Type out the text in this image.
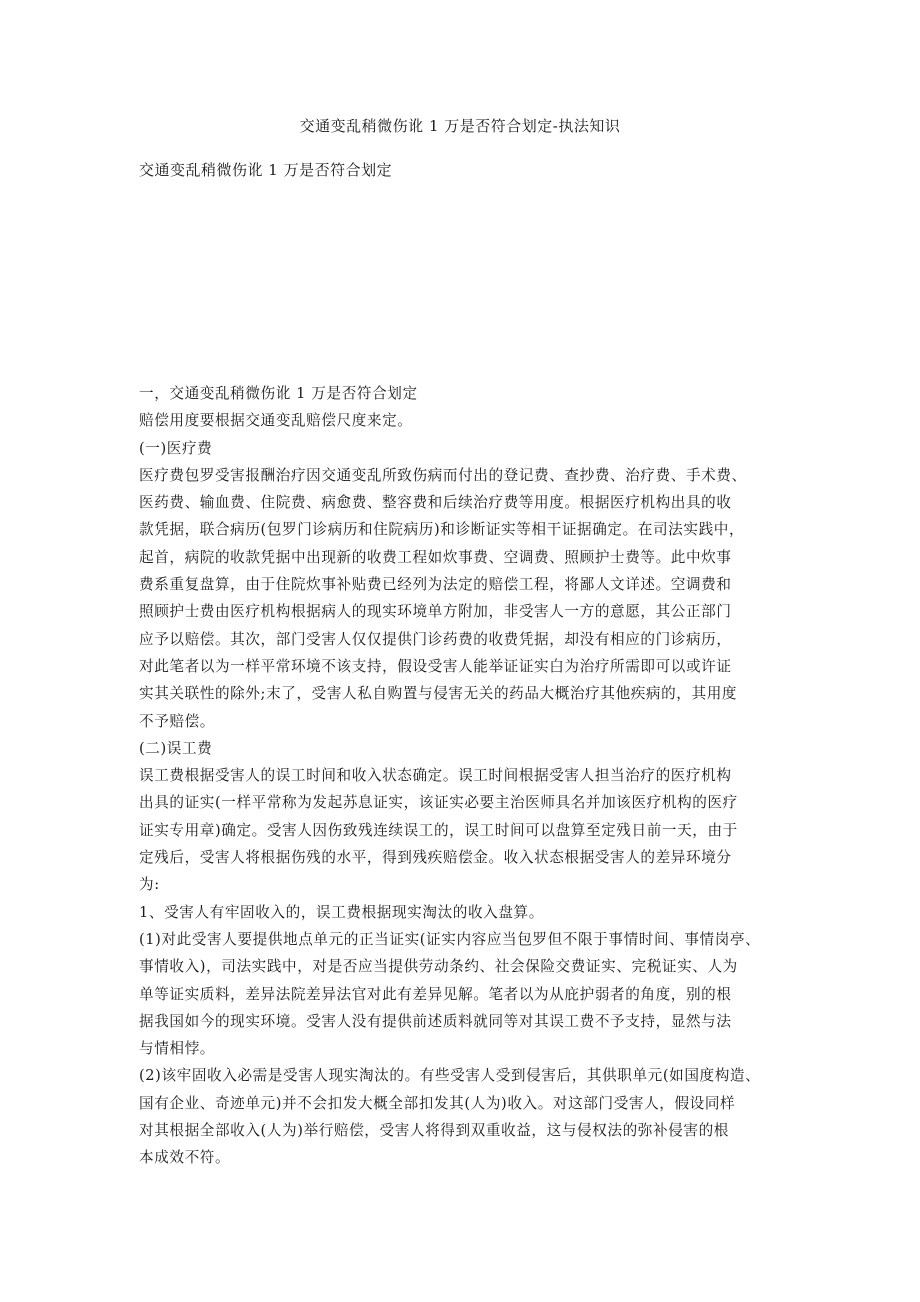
交通变乱稍微伤讹 1 万是否符合划定-执法知识
交通变乱稍微伤讹 1 万是否符合划定
一，交通变乱稍微伤讹 1 万是否符合划定
赔偿用度要根据交通变乱赔偿尺度来定。
(一)医疗费
医疗费包罗受害报酬治疗因交通变乱所致伤病而付出的登记费、查抄费、治疗费、手术费、
医药费、输血费、住院费、病愈费、整容费和后续治疗费等用度。根据医疗机构出具的收
款凭据，联合病历(包罗门诊病历和住院病历)和诊断证实等相干证据确定。在司法实践中，
起首，病院的收款凭据中出现新的收费工程如炊事费、空调费、照顾护士费等。此中炊事
费系重复盘算，由于住院炊事补贴费已经列为法定的赔偿工程，将鄙人文详述。空调费和
照顾护士费由医疗机构根据病人的现实环境单方附加，非受害人一方的意愿，其公正部门
应予以赔偿。其次，部门受害人仅仅提供门诊药费的收费凭据，却没有相应的门诊病历，
对此笔者以为一样平常环境不该支持，假设受害人能举证证实白为治疗所需即可以或许证
实其关联性的除外;末了，受害人私自购置与侵害无关的药品大概治疗其他疾病的，其用度
不予赔偿。
(二)误工费
误工费根据受害人的误工时间和收入状态确定。误工时间根据受害人担当治疗的医疗机构
出具的证实(一样平常称为发起苏息证实，该证实必要主治医师具名并加该医疗机构的医疗
证实专用章)确定。受害人因伤致残连续误工的，误工时间可以盘算至定残日前一天，由于
定残后，受害人将根据伤残的水平，得到残疾赔偿金。收入状态根据受害人的差异环境分
为:
1、受害人有牢固收入的，误工费根据现实淘汰的收入盘算。
(1)对此受害人要提供地点单元的正当证实(证实内容应当包罗但不限于事情时间、事情岗亭、
事情收入)，司法实践中，对是否应当提供劳动条约、社会保险交费证实、完税证实、人为
单等证实质料，差异法院差异法官对此有差异见解。笔者以为从庇护弱者的角度，别的根
据我国如今的现实环境。受害人没有提供前述质料就同等对其误工费不予支持，显然与法
与情相悖。
(2)该牢固收入必需是受害人现实淘汰的。有些受害人受到侵害后，其供职单元(如国度构造、
国有企业、奇迹单元)并不会扣发大概全部扣发其(人为)收入。对这部门受害人，假设同样
对其根据全部收入(人为)举行赔偿，受害人将得到双重收益，这与侵权法的弥补侵害的根
本成效不符。
